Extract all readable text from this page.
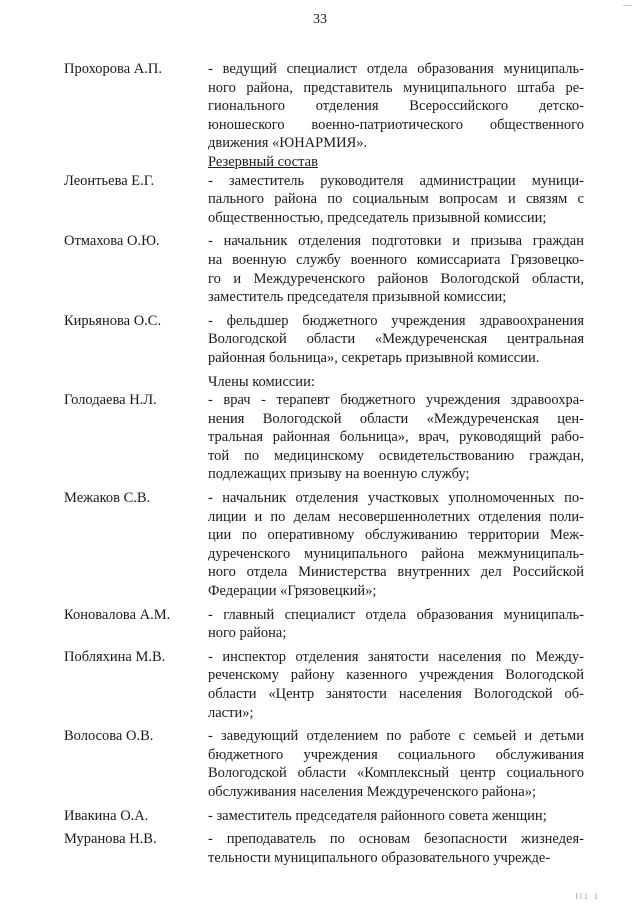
33
—
Прохорова А.П.	- ведущий специалист отдела образования муниципаль-
ного района, представитель муниципального штаба ре-
гионального отделения Всероссийского детско-
юношеского военно-патриотического общественного
движения «ЮНАРМИЯ».
Резервный состав
Леонтьева Е.Г.	- заместитель руководителя администрации муници-
пального района по социальным вопросам и связям с
общественностью, председатель призывной комиссии;
Отмахова О.Ю.	- начальник отделения подготовки и призыва граждан
на военную службу военного комиссариата Грязовецко-
го и Междуреченского районов Вологодской области,
заместитель председателя призывной комиссии;
Кирьянова О.С.	- фельдшер бюджетного учреждения здравоохранения
Вологодской области «Междуреченская центральная
районная больница», секретарь призывной комиссии.
Члены комиссии:
Голодаева Н.Л.	- врач - терапевт бюджетного учреждения здравоохра-
нения Вологодской области «Междуреченская цен-
тральная районная больница», врач, руководящий рабо-
той по медицинскому освидетельствованию граждан,
подлежащих призыву на военную службу;
Межаков С.В.	- начальник отделения участковых уполномоченных по-
лиции и по делам несовершеннолетних отделения поли-
ции по оперативному обслуживанию территории Меж-
дуреченского муниципального района межмуниципаль-
ного отдела Министерства внутренних дел Российской
Федерации «Грязовецкий»;
Коновалова А.М.	- главный специалист отдела образования муниципаль-
ного района;
Побляхина М.В.	- инспектор отделения занятости населения по Между-
реченскому району казенного учреждения Вологодской
области «Центр занятости населения Вологодской об-
ласти»;
Волосова О.В.	- заведующий отделением по работе с семьей и детьми
бюджетного учреждения социального обслуживания
Вологодской области «Комплексный центр социального
обслуживания населения Междуреченского района»;
Ивакина О.А.	- заместитель председателя районного совета женщин;
Муранова Н.В.	- преподаватель по основам безопасности жизнедея-
тельности муниципального образовательного учрежде-
ll1 1
